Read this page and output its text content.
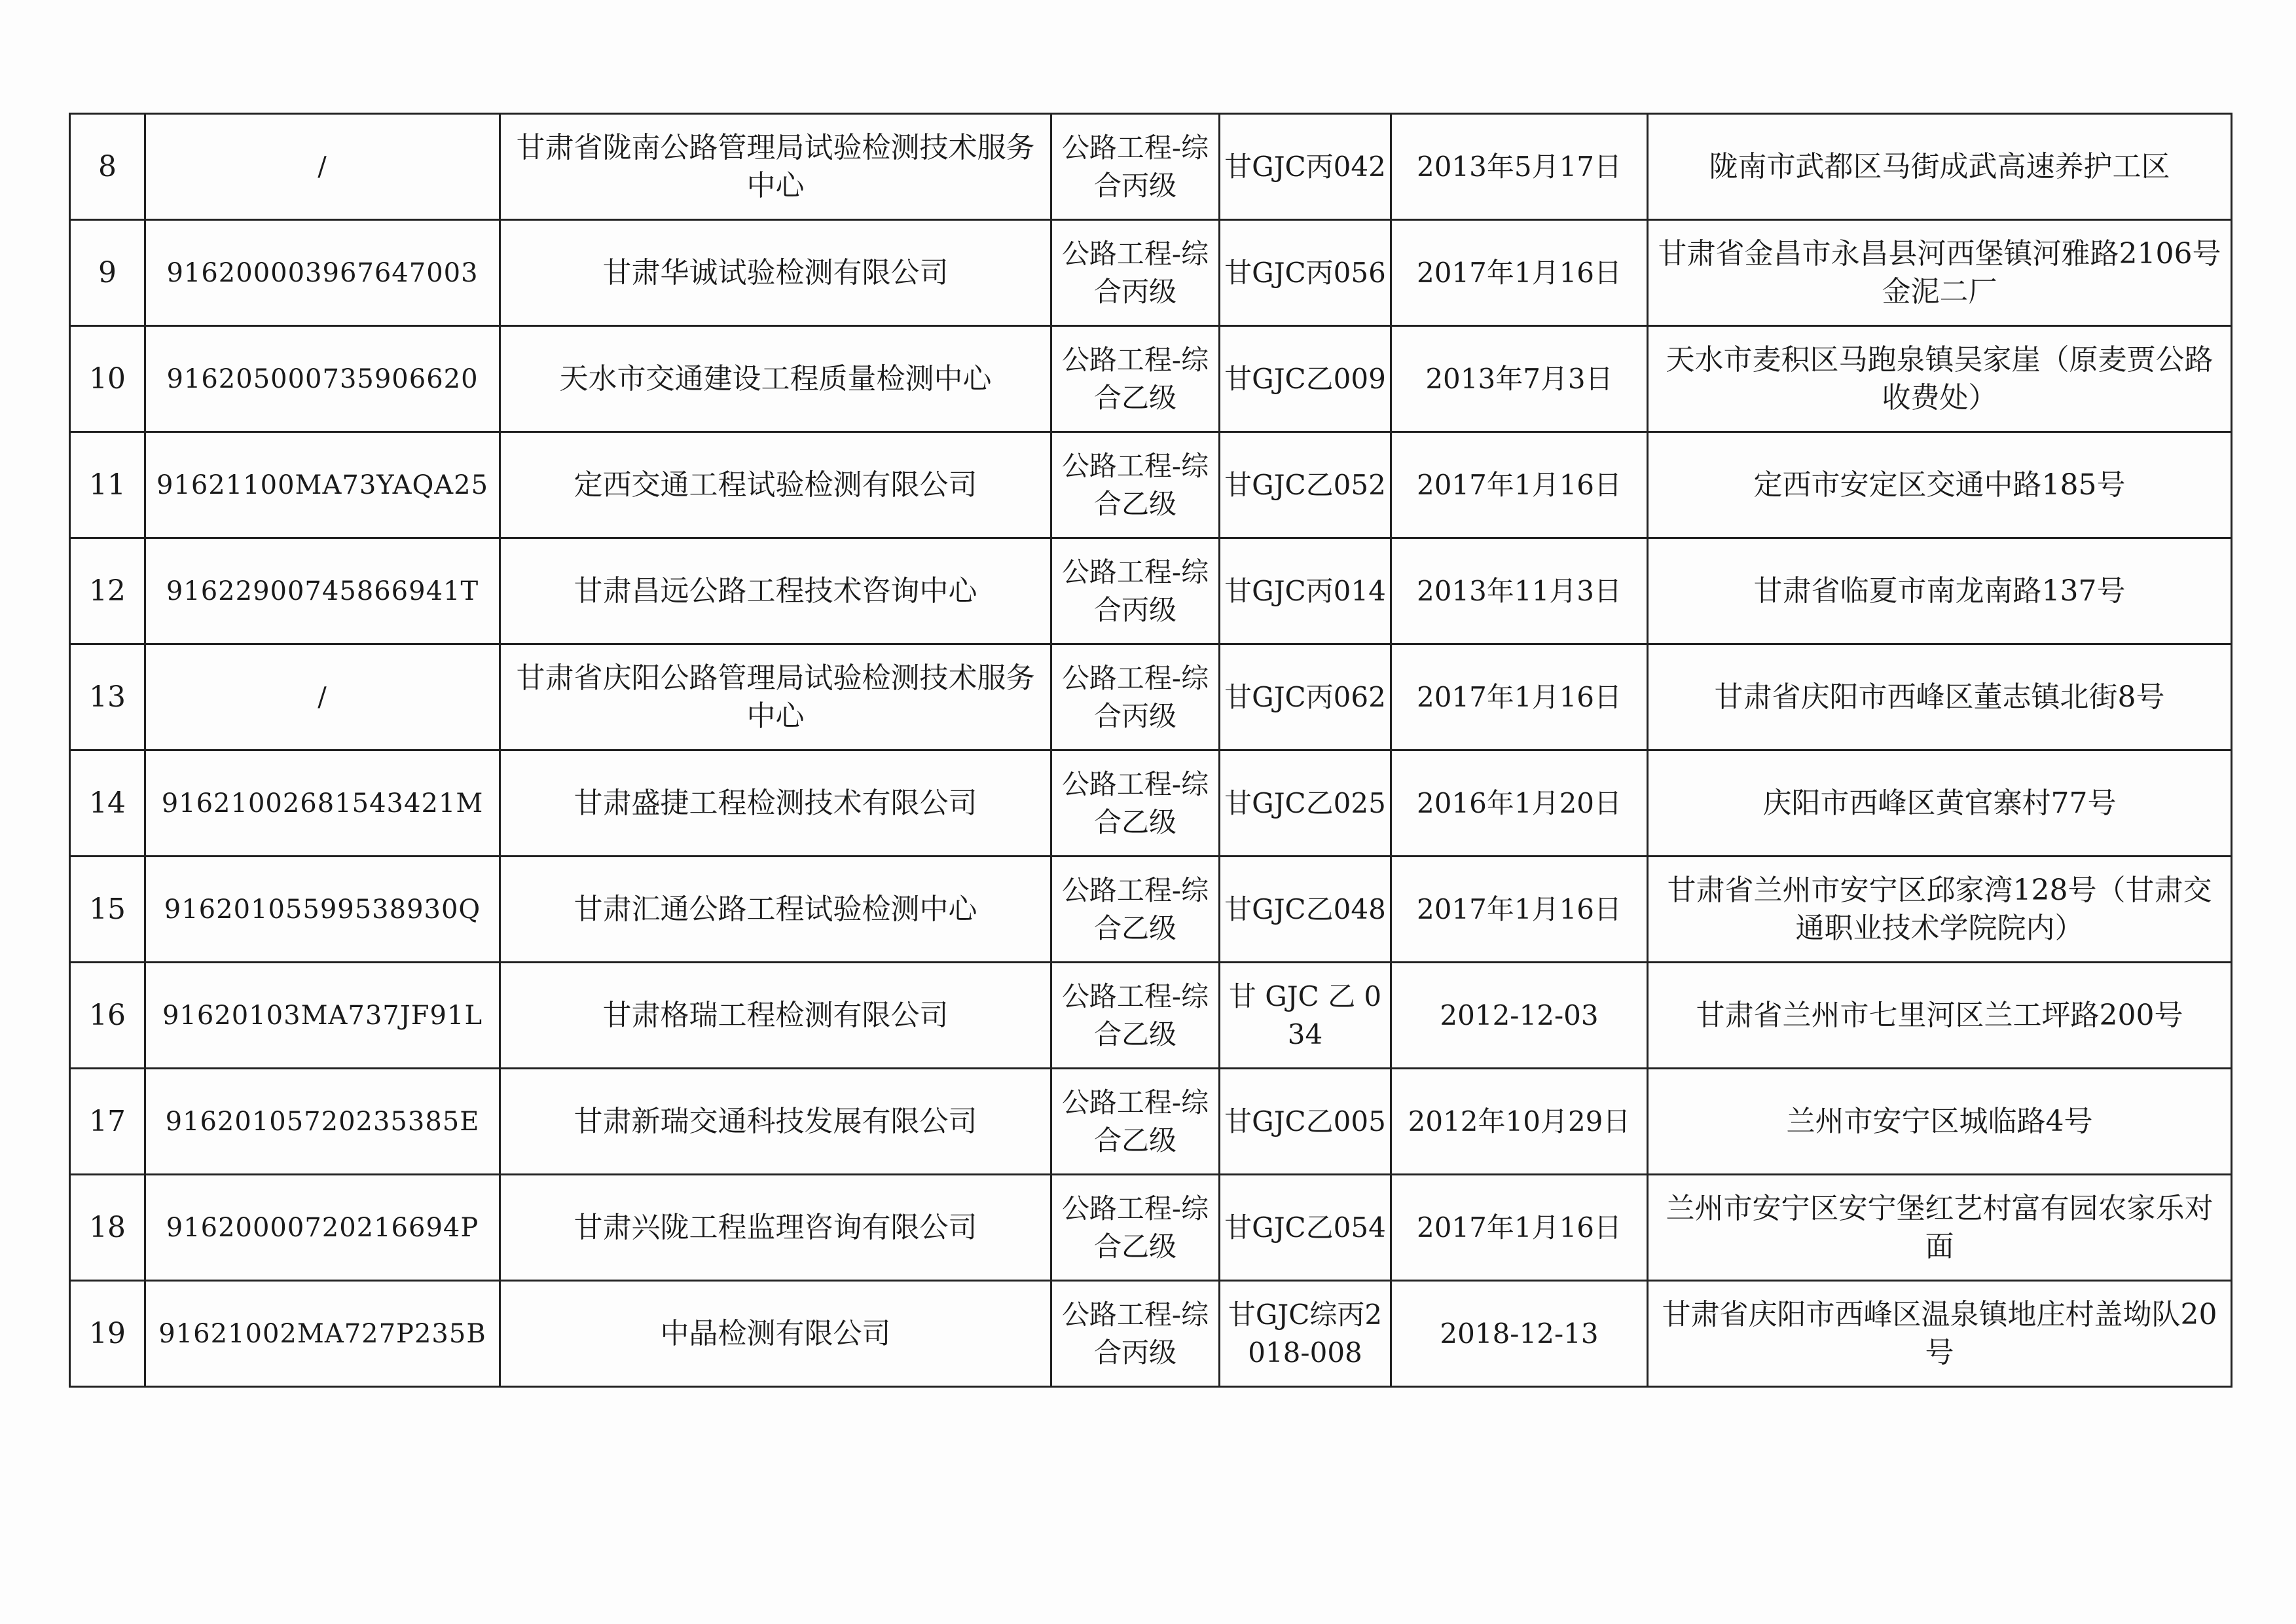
8	/	甘肃省陇南公路管理局试验检测技术服务中心	公路工程-综合丙级	甘GJC丙042	2013年5月17日	陇南市武都区马街成武高速养护工区

9	916200003967647003	甘肃华诚试验检测有限公司	公路工程-综合丙级	甘GJC丙056	2017年1月16日	甘肃省金昌市永昌县河西堡镇河雅路2106号金泥二厂

10	916205000735906620	天水市交通建设工程质量检测中心	公路工程-综合乙级	甘GJC乙009	2013年7月3日	天水市麦积区马跑泉镇吴家崖（原麦贾公路收费处）

11	91621100MA73YAQA25	定西交通工程试验检测有限公司	公路工程-综合乙级	甘GJC乙052	2017年1月16日	定西市安定区交通中路185号

12	91622900745866941T	甘肃昌远公路工程技术咨询中心	公路工程-综合丙级	甘GJC丙014	2013年11月3日	甘肃省临夏市南龙南路137号

13	/	甘肃省庆阳公路管理局试验检测技术服务中心	公路工程-综合丙级	甘GJC丙062	2017年1月16日	甘肃省庆阳市西峰区董志镇北街8号

14	91621002681543421M	甘肃盛捷工程检测技术有限公司	公路工程-综合乙级	甘GJC乙025	2016年1月20日	庆阳市西峰区黄官寨村77号

15	91620105599538930Q	甘肃汇通公路工程试验检测中心	公路工程-综合乙级	甘GJC乙048	2017年1月16日	甘肃省兰州市安宁区邱家湾128号（甘肃交通职业技术学院院内）

16	91620103MA737JF91L	甘肃格瑞工程检测有限公司	公路工程-综合乙级	甘 GJC 乙 034	2012-12-03	甘肃省兰州市七里河区兰工坪路200号

17	91620105720235385E	甘肃新瑞交通科技发展有限公司	公路工程-综合乙级	甘GJC乙005	2012年10月29日	兰州市安宁区城临路4号

18	91620000720216694P	甘肃兴陇工程监理咨询有限公司	公路工程-综合乙级	甘GJC乙054	2017年1月16日	兰州市安宁区安宁堡红艺村富有园农家乐对面

19	91621002MA727P235B	中晶检测有限公司	公路工程-综合丙级	甘GJC综丙2018-008	2018-12-13	甘肃省庆阳市西峰区温泉镇地庄村盖坳队20号
